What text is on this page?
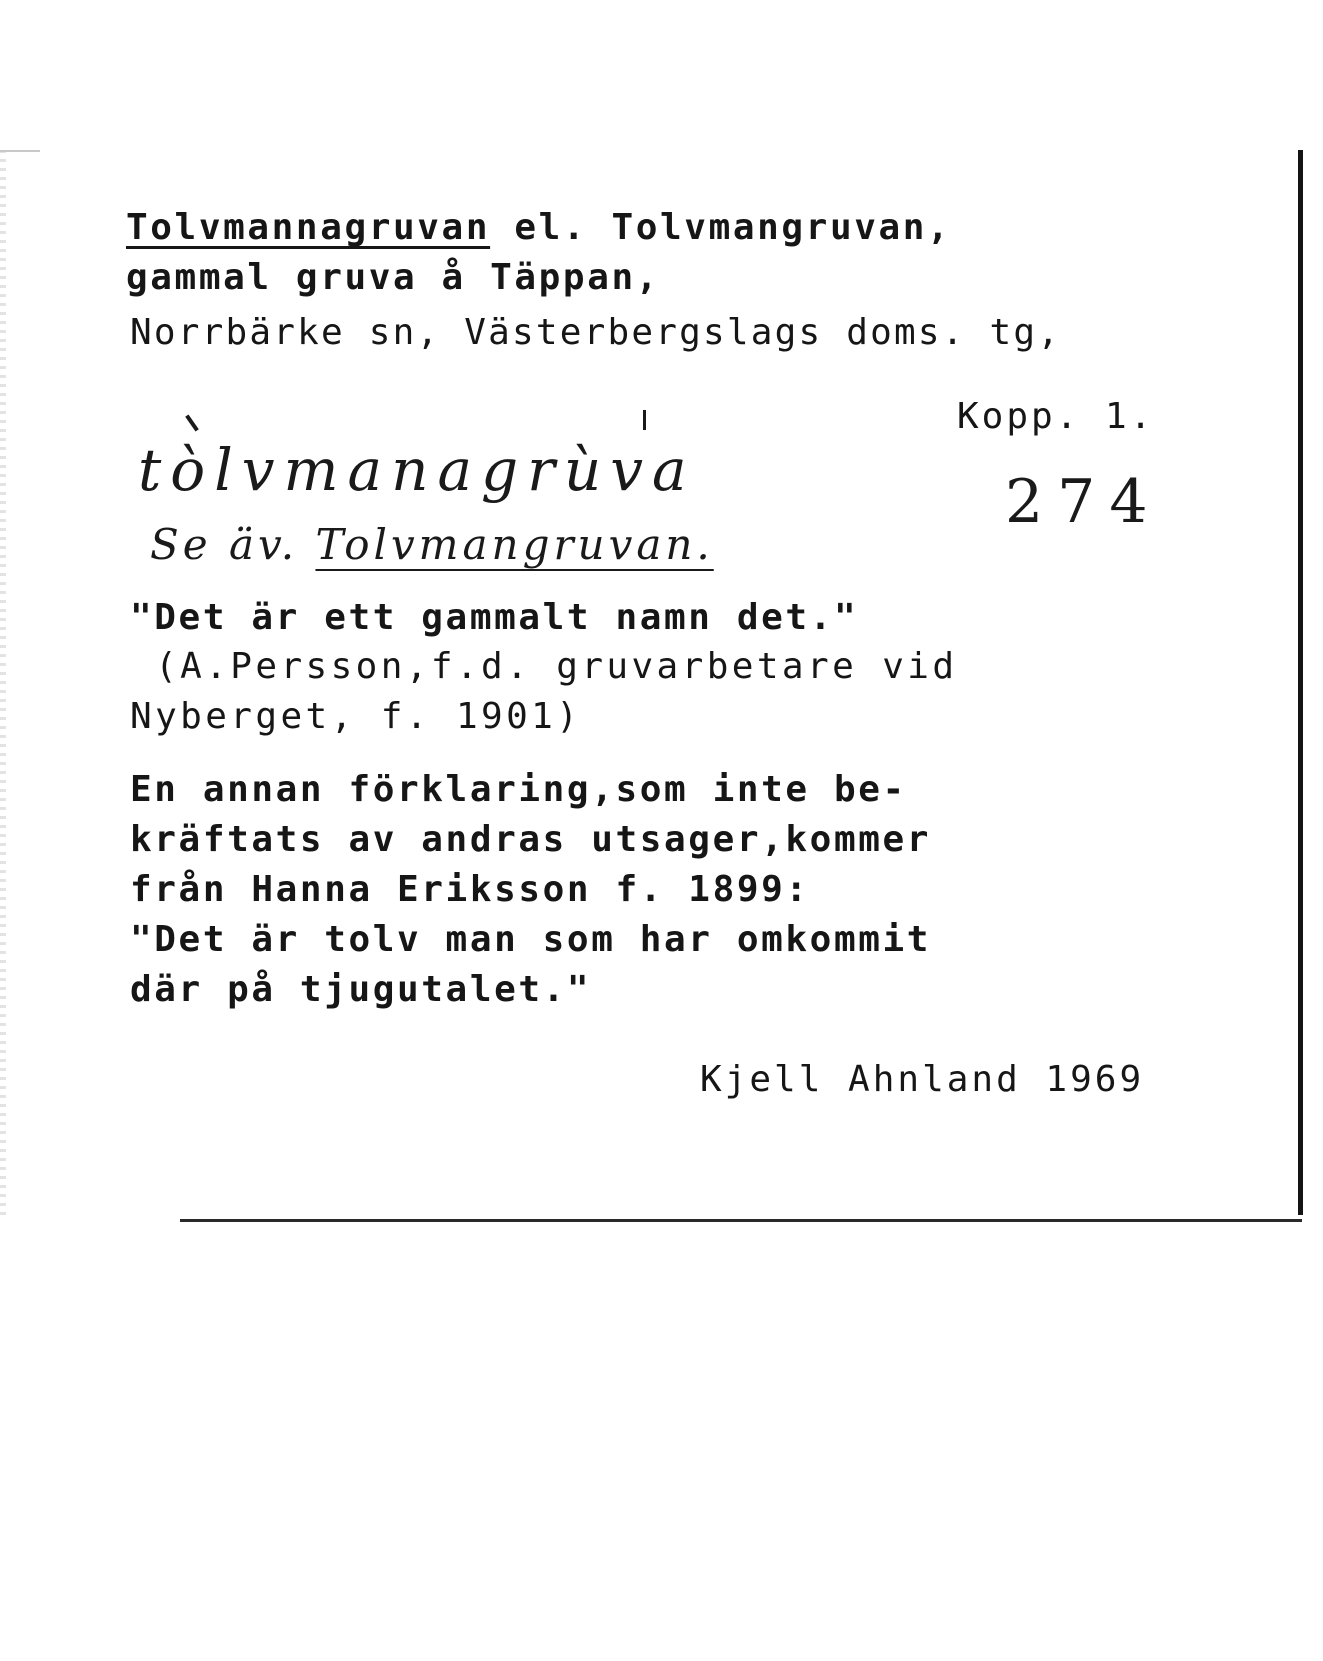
Tolvmannagruvan el. Tolvmangruvan,
gammal gruva å Täppan,
Norrbärke sn, Västerbergslags doms. tg,
Kopp. 1.
tòlvmanagrùva	274
Se äv. Tolvmangruvan.
"Det är ett gammalt namn det."
(A.Persson,f.d. gruvarbetare vid
Nyberget, f. 1901)
En annan förklaring,som inte be-
kräftats av andras utsager,kommer
från Hanna Eriksson f. 1899:
"Det är tolv man som har omkommit
där på tjugutalet."
Kjell Ahnland 1969
